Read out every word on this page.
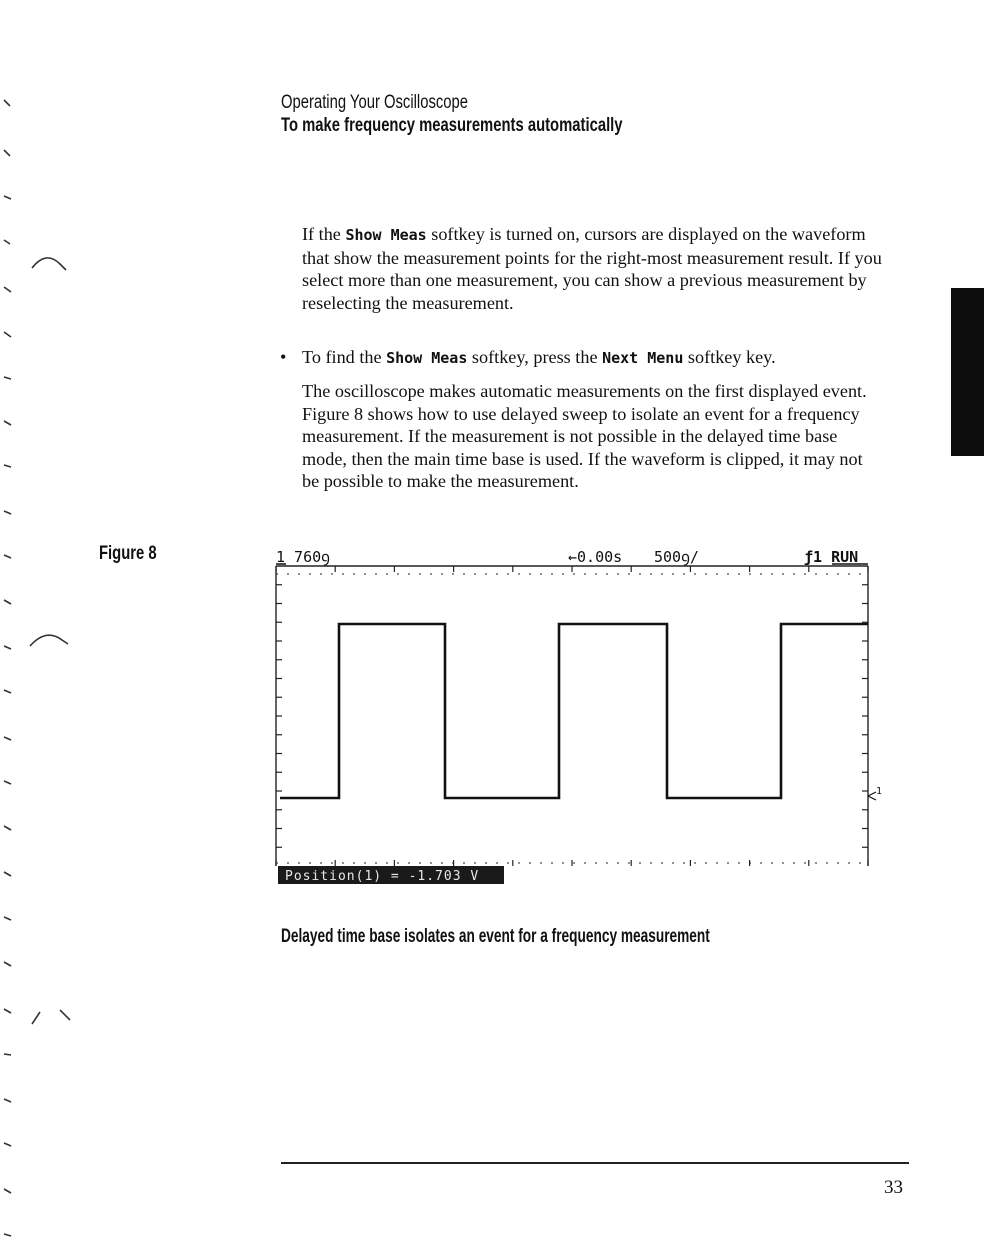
Operating Your Oscilloscope
To make frequency measurements automatically
If the Show Meas softkey is turned on, cursors are displayed on the waveform that show the measurement points for the right-most measurement result. If you select more than one measurement, you can show a previous measurement by reselecting the measurement.
• To find the Show Meas softkey, press the Next Menu softkey key.
The oscilloscope makes automatic measurements on the first displayed event. Figure 8 shows how to use delayed sweep to isolate an event for a frequency measurement. If the measurement is not possible in the delayed time base mode, then the main time base is used. If the waveform is clipped, it may not be possible to make the measurement.
Figure 8	1 760ꝯ	←0.00s 500ꝯ/	ƒ1 RUN
1
Position(1) = -1.703 V
Delayed time base isolates an event for a frequency measurement
33
